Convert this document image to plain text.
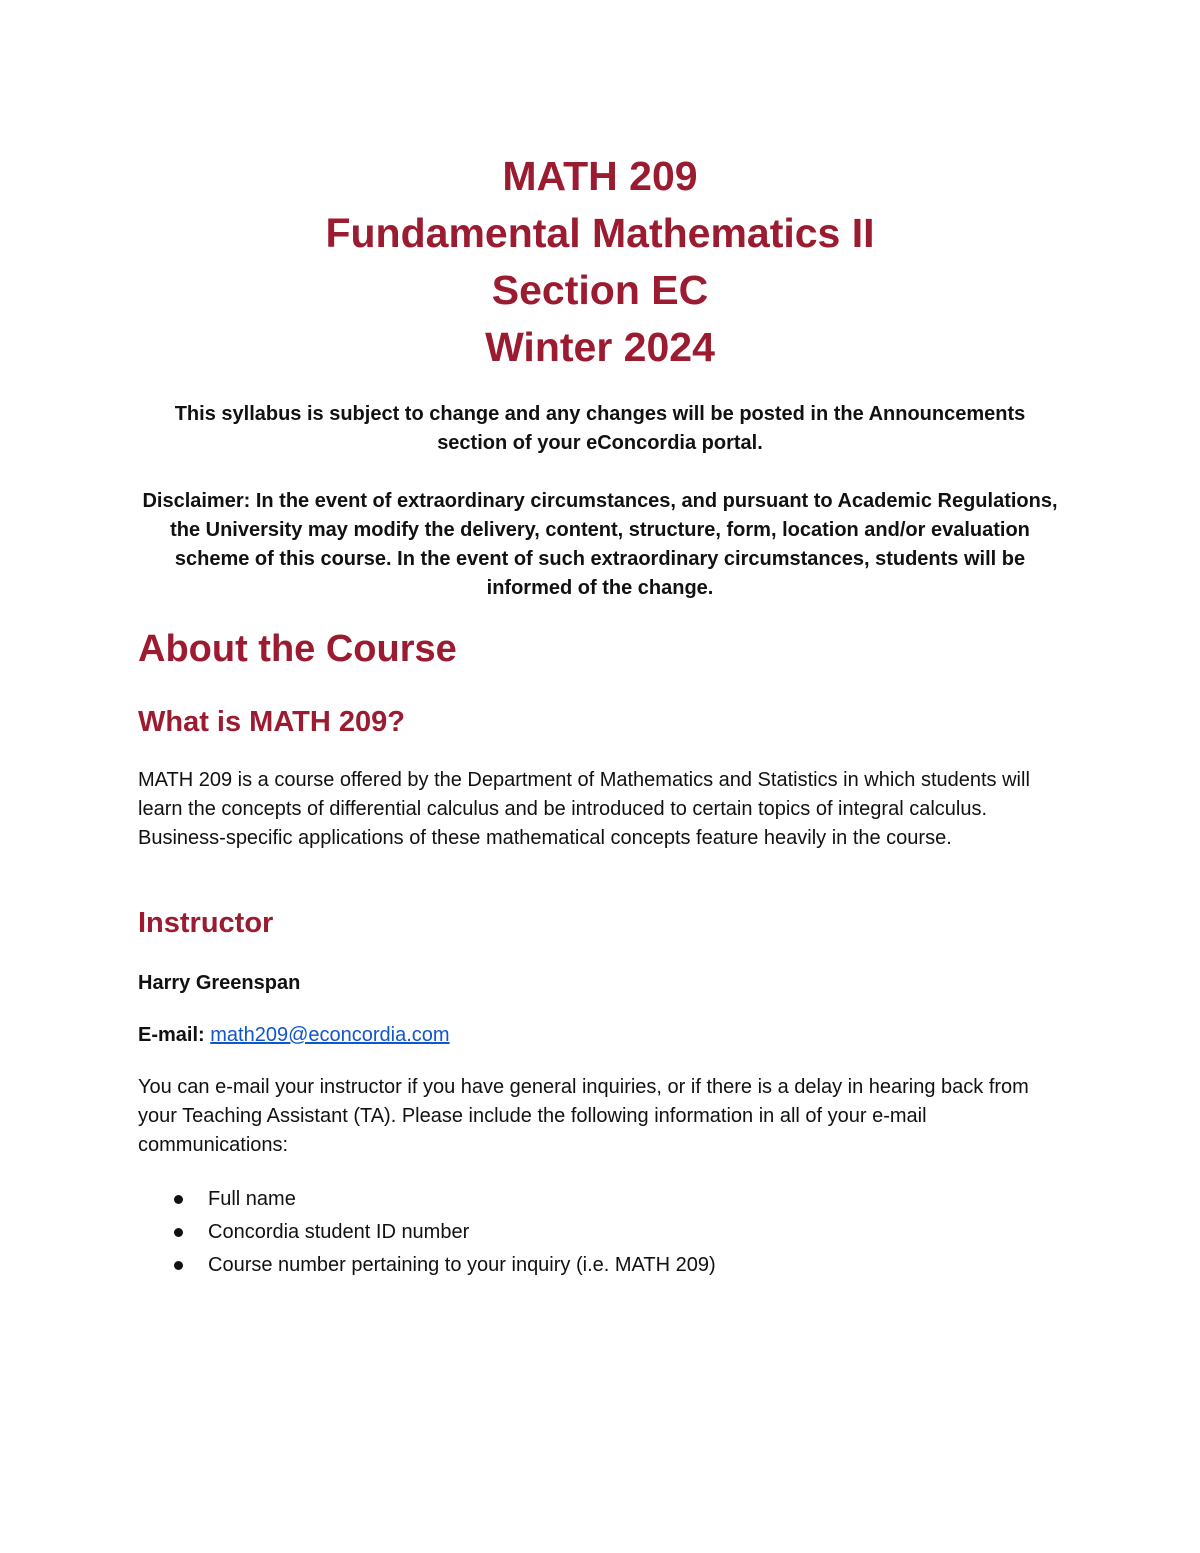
MATH 209
Fundamental Mathematics II
Section EC
Winter 2024
This syllabus is subject to change and any changes will be posted in the Announcements section of your eConcordia portal.
Disclaimer: In the event of extraordinary circumstances, and pursuant to Academic Regulations, the University may modify the delivery, content, structure, form, location and/or evaluation scheme of this course. In the event of such extraordinary circumstances, students will be informed of the change.
About the Course
What is MATH 209?
MATH 209 is a course offered by the Department of Mathematics and Statistics in which students will learn the concepts of differential calculus and be introduced to certain topics of integral calculus. Business-specific applications of these mathematical concepts feature heavily in the course.
Instructor
Harry Greenspan
E-mail: math209@econcordia.com
You can e-mail your instructor if you have general inquiries, or if there is a delay in hearing back from your Teaching Assistant (TA). Please include the following information in all of your e-mail communications:
Full name
Concordia student ID number
Course number pertaining to your inquiry (i.e. MATH 209)
